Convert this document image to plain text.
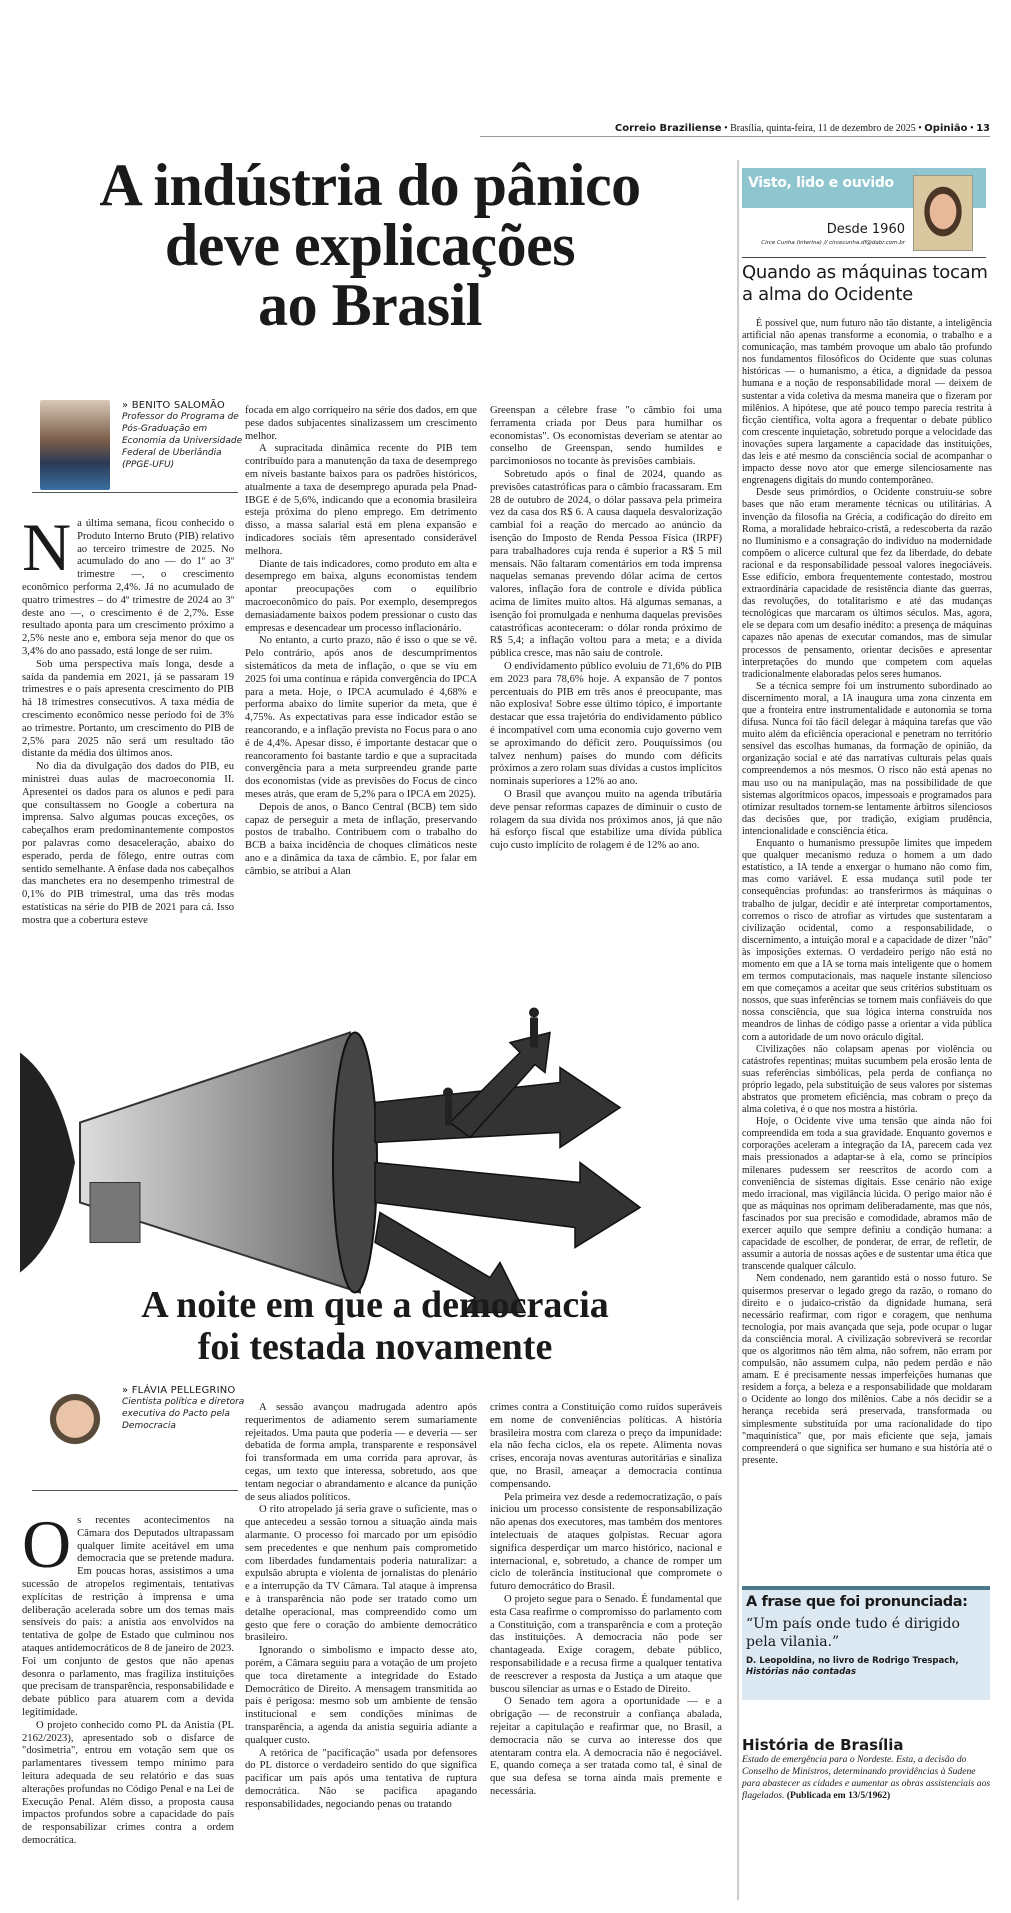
Correio Braziliense • Brasília, quinta-feira, 11 de dezembro de 2025 • Opinião • 13
A indústria do pânico
deve explicações
ao Brasil
» BENITO SALOMÃO
Professor do Programa de Pós-Graduação em Economia da Universidade Federal de Uberlândia (PPGE-UFU)
N a última semana, ficou conhecido o Produto Interno Bruto (PIB) relativo ao terceiro trimestre de 2025. No acumulado do ano — do 1º ao 3º trimestre —, o crescimento econômico performa 2,4%. Já no acumulado de quatro trimestres – do 4º trimestre de 2024 ao 3º deste ano —, o crescimento é de 2,7%. Esse resultado aponta para um crescimento próximo a 2,5% neste ano e, embora seja menor do que os 3,4% do ano passado, está longe de ser ruim.

Sob uma perspectiva mais longa, desde a saída da pandemia em 2021, já se passaram 19 trimestres e o país apresenta crescimento do PIB há 18 trimestres consecutivos. A taxa média de crescimento econômico nesse período foi de 3% ao trimestre. Portanto, um crescimento do PIB de 2,5% para 2025 não será um resultado tão distante da média dos últimos anos.

No dia da divulgação dos dados do PIB, eu ministrei duas aulas de macroeconomia II. Apresentei os dados para os alunos e pedi para que consultassem no Google a cobertura na imprensa. Salvo algumas poucas exceções, os cabeçalhos eram predominantemente compostos por palavras como desaceleração, abaixo do esperado, perda de fôlego, entre outras com sentido semelhante. A ênfase dada nos cabeçalhos das manchetes era no desempenho trimestral de 0,1% do PIB trimestral, uma das três modas estatísticas na série do PIB de 2021 para cá. Isso mostra que a cobertura esteve

focada em algo corriqueiro na série dos dados, em que pese dados subjacentes sinalizassem um crescimento melhor.

A supracitada dinâmica recente do PIB tem contribuído para a manutenção da taxa de desemprego em níveis bastante baixos para os padrões históricos, atualmente a taxa de desemprego apurada pela Pnad-IBGE é de 5,6%, indicando que a economia brasileira esteja próxima do pleno emprego. Em detrimento disso, a massa salarial está em plena expansão e indicadores sociais têm apresentado considerável melhora.

Diante de tais indicadores, como produto em alta e desemprego em baixa, alguns economistas tendem apontar preocupações com o equilíbrio macroeconômico do país. Por exemplo, desempregos demasiadamente baixos podem pressionar o custo das empresas e desencadear um processo inflacionário.

No entanto, a curto prazo, não é isso o que se vê. Pelo contrário, após anos de descumprimentos sistemáticos da meta de inflação, o que se viu em 2025 foi uma contínua e rápida convergência do IPCA para a meta. Hoje, o IPCA acumulado é 4,68% e performa abaixo do limite superior da meta, que é 4,75%. As expectativas para esse indicador estão se reancorando, e a inflação prevista no Focus para o ano é de 4,4%. Apesar disso, é importante destacar que o reancoramento foi bastante tardio e que a supracitada convergência para a meta surpreendeu grande parte dos economistas (vide as previsões do Focus de cinco meses atrás, que eram de 5,2% para o IPCA em 2025).

Depois de anos, o Banco Central (BCB) tem sido capaz de perseguir a meta de inflação, preservando postos de trabalho. Contribuem com o trabalho do BCB a baixa incidência de choques climáticos neste ano e a dinâmica da taxa de câmbio. E, por falar em câmbio, se atribui a Alan

Greenspan a célebre frase "o câmbio foi uma ferramenta criada por Deus para humilhar os economistas". Os economistas deveriam se atentar ao conselho de Greenspan, sendo humildes e parcimoniosos no tocante às previsões cambiais.

Sobretudo após o final de 2024, quando as previsões catastróficas para o câmbio fracassaram. Em 28 de outubro de 2024, o dólar passava pela primeira vez da casa dos R$ 6. A causa daquela desvalorização cambial foi a reação do mercado ao anúncio da isenção do Imposto de Renda Pessoa Física (IRPF) para trabalhadores cuja renda é superior a R$ 5 mil mensais. Não faltaram comentários em toda imprensa naquelas semanas prevendo dólar acima de certos valores, inflação fora de controle e dívida pública acima de limites muito altos. Há algumas semanas, a isenção foi promulgada e nenhuma daquelas previsões catastróficas aconteceram: o dólar ronda próximo de R$ 5,4; a inflação voltou para a meta; e a dívida pública cresce, mas não saiu de controle.

O endividamento público evoluiu de 71,6% do PIB em 2023 para 78,6% hoje. A expansão de 7 pontos percentuais do PIB em três anos é preocupante, mas não explosiva! Sobre esse último tópico, é importante destacar que essa trajetória do endividamento público é incompatível com uma economia cujo governo vem se aproximando do déficit zero. Pouquíssimos (ou talvez nenhum) países do mundo com déficits próximos a zero rolam suas dívidas a custos implícitos nominais superiores a 12% ao ano.

O Brasil que avançou muito na agenda tributária deve pensar reformas capazes de diminuir o custo de rolagem da sua dívida nos próximos anos, já que não há esforço fiscal que estabilize uma dívida pública cujo custo implícito de rolagem é de 12% ao ano.

A noite em que a democracia
foi testada novamente
» FLÁVIA PELLEGRINO
Cientista política e diretora executiva do Pacto pela Democracia
O s recentes acontecimentos na Câmara dos Deputados ultrapassam qualquer limite aceitável em uma democracia que se pretende madura. Em poucas horas, assistimos a uma sucessão de atropelos regimentais, tentativas explícitas de restrição à imprensa e uma deliberação acelerada sobre um dos temas mais sensíveis do país: a anistia aos envolvidos na tentativa de golpe de Estado que culminou nos ataques antidemocráticos de 8 de janeiro de 2023. Foi um conjunto de gestos que não apenas desonra o parlamento, mas fragiliza instituições que precisam de transparência, responsabilidade e debate público para atuarem com a devida legitimidade.

O projeto conhecido como PL da Anistia (PL 2162/2023), apresentado sob o disfarce de "dosimetria", entrou em votação sem que os parlamentares tivessem tempo mínimo para leitura adequada de seu relatório e das suas alterações profundas no Código Penal e na Lei de Execução Penal. Além disso, a proposta causa impactos profundos sobre a capacidade do país de responsabilizar crimes contra a ordem democrática.

A sessão avançou madrugada adentro após requerimentos de adiamento serem sumariamente rejeitados. Uma pauta que poderia — e deveria — ser debatida de forma ampla, transparente e responsável foi transformada em uma corrida para aprovar, às cegas, um texto que interessa, sobretudo, aos que tentam negociar o abrandamento e alcance da punição de seus aliados políticos.

O rito atropelado já seria grave o suficiente, mas o que antecedeu a sessão tornou a situação ainda mais alarmante. O processo foi marcado por um episódio sem precedentes e que nenhum país comprometido com liberdades fundamentais poderia naturalizar: a expulsão abrupta e violenta de jornalistas do plenário e a interrupção da TV Câmara. Tal ataque à imprensa e à transparência não pode ser tratado como um detalhe operacional, mas compreendido como um gesto que fere o coração do ambiente democrático brasileiro.

Ignorando o simbolismo e impacto desse ato, porém, a Câmara seguiu para a votação de um projeto que toca diretamente a integridade do Estado Democrático de Direito. A mensagem transmitida ao país é perigosa: mesmo sob um ambiente de tensão institucional e sem condições mínimas de transparência, a agenda da anistia seguiria adiante a qualquer custo.

A retórica de "pacificação" usada por defensores do PL distorce o verdadeiro sentido do que significa pacificar um país após uma tentativa de ruptura democrática. Não se pacifica apagando responsabilidades, negociando penas ou tratando

crimes contra a Constituição como ruídos superáveis em nome de conveniências políticas. A história brasileira mostra com clareza o preço da impunidade: ela não fecha ciclos, ela os repete. Alimenta novas crises, encoraja novas aventuras autoritárias e sinaliza que, no Brasil, ameaçar a democracia continua compensando.

Pela primeira vez desde a redemocratização, o país iniciou um processo consistente de responsabilização não apenas dos executores, mas também dos mentores intelectuais de ataques golpistas. Recuar agora significa desperdiçar um marco histórico, nacional e internacional, e, sobretudo, a chance de romper um ciclo de tolerância institucional que compromete o futuro democrático do Brasil.

O projeto segue para o Senado. É fundamental que esta Casa reafirme o compromisso do parlamento com a Constituição, com a transparência e com a proteção das instituições. A democracia não pode ser chantageada. Exige coragem, debate público, responsabilidade e a recusa firme a qualquer tentativa de reescrever a resposta da Justiça a um ataque que buscou silenciar as urnas e o Estado de Direito.

O Senado tem agora a oportunidade — e a obrigação — de reconstruir a confiança abalada, rejeitar a capitulação e reafirmar que, no Brasil, a democracia não se curva ao interesse dos que atentaram contra ela. A democracia não é negociável. E, quando começa a ser tratada como tal, é sinal de que sua defesa se torna ainda mais premente e necessária.

Visto, lido e ouvido
Desde 1960
Circe Cunha (interina) // circecunha.df@dabr.com.br
Quando as máquinas tocam a alma do Ocidente

É possível que, num futuro não tão distante, a inteligência artificial não apenas transforme a economia, o trabalho e a comunicação, mas também provoque um abalo tão profundo nos fundamentos filosóficos do Ocidente que suas colunas históricas — o humanismo, a ética, a dignidade da pessoa humana e a noção de responsabilidade moral — deixem de sustentar a vida coletiva da mesma maneira que o fizeram por milênios. A hipótese, que até pouco tempo parecia restrita à ficção científica, volta agora a frequentar o debate público com crescente inquietação, sobretudo porque a velocidade das inovações supera largamente a capacidade das instituições, das leis e até mesmo da consciência social de acompanhar o impacto desse novo ator que emerge silenciosamente nas engrenagens digitais do mundo contemporâneo.

Desde seus primórdios, o Ocidente construiu-se sobre bases que não eram meramente técnicas ou utilitárias. A invenção da filosofia na Grécia, a codificação do direito em Roma, a moralidade hebraico-cristã, a redescoberta da razão no Iluminismo e a consagração do indivíduo na modernidade compõem o alicerce cultural que fez da liberdade, do debate racional e da responsabilidade pessoal valores inegociáveis. Esse edifício, embora frequentemente contestado, mostrou extraordinária capacidade de resistência diante das guerras, das revoluções, do totalitarismo e até das mudanças tecnológicas que marcaram os últimos séculos. Mas, agora, ele se depara com um desafio inédito: a presença de máquinas capazes não apenas de executar comandos, mas de simular processos de pensamento, orientar decisões e apresentar interpretações do mundo que competem com aquelas tradicionalmente elaboradas pelos seres humanos.

Se a técnica sempre foi um instrumento subordinado ao discernimento moral, a IA inaugura uma zona cinzenta em que a fronteira entre instrumentalidade e autonomia se torna difusa. Nunca foi tão fácil delegar à máquina tarefas que vão muito além da eficiência operacional e penetram no território sensível das escolhas humanas, da formação de opinião, da organização social e até das narrativas culturais pelas quais compreendemos a nós mesmos. O risco não está apenas no mau uso ou na manipulação, mas na possibilidade de que sistemas algorítmicos opacos, impessoais e programados para otimizar resultados tornem-se lentamente árbitros silenciosos das decisões que, por tradição, exigiam prudência, intencionalidade e consciência ética.

Enquanto o humanismo pressupõe limites que impedem que qualquer mecanismo reduza o homem a um dado estatístico, a IA tende a enxergar o humano não como fim, mas como variável. E essa mudança sutil pode ter consequências profundas: ao transferirmos às máquinas o trabalho de julgar, decidir e até interpretar comportamentos, corremos o risco de atrofiar as virtudes que sustentaram a civilização ocidental, como a responsabilidade, o discernimento, a intuição moral e a capacidade de dizer "não" às imposições externas. O verdadeiro perigo não está no momento em que a IA se torna mais inteligente que o homem em termos computacionais, mas naquele instante silencioso em que começamos a aceitar que seus critérios substituam os nossos, que suas inferências se tornem mais confiáveis do que nossa consciência, que sua lógica interna construída nos meandros de linhas de código passe a orientar a vida pública com a autoridade de um novo oráculo digital.

Civilizações não colapsam apenas por violência ou catástrofes repentinas; muitas sucumbem pela erosão lenta de suas referências simbólicas, pela perda de confiança no próprio legado, pela substituição de seus valores por sistemas abstratos que prometem eficiência, mas cobram o preço da alma coletiva, é o que nos mostra a história.

Hoje, o Ocidente vive uma tensão que ainda não foi compreendida em toda a sua gravidade. Enquanto governos e corporações aceleram a integração da IA, parecem cada vez mais pressionados a adaptar-se à ela, como se princípios milenares pudessem ser reescritos de acordo com a conveniência de sistemas digitais. Esse cenário não exige medo irracional, mas vigilância lúcida. O perigo maior não é que as máquinas nos oprimam deliberadamente, mas que nós, fascinados por sua precisão e comodidade, abramos mão de exercer aquilo que sempre definiu a condição humana: a capacidade de escolher, de ponderar, de errar, de refletir, de assumir a autoria de nossas ações e de sustentar uma ética que transcende qualquer cálculo.

Nem condenado, nem garantido está o nosso futuro. Se quisermos preservar o legado grego da razão, o romano do direito e o judaico-cristão da dignidade humana, será necessário reafirmar, com rigor e coragem, que nenhuma tecnologia, por mais avançada que seja, pode ocupar o lugar da consciência moral. A civilização sobreviverá se recordar que os algoritmos não têm alma, não sofrem, não erram por compulsão, não assumem culpa, não pedem perdão e não amam. E é precisamente nessas imperfeições humanas que residem a força, a beleza e a responsabilidade que moldaram o Ocidente ao longo dos milênios. Cabe a nós decidir se a herança recebida será preservada, transformada ou simplesmente substituída por uma racionalidade do tipo "maquinística" que, por mais eficiente que seja, jamais compreenderá o que significa ser humano e sua história até o presente.

A frase que foi pronunciada:
“Um país onde tudo é dirigido pela vilania.”
D. Leopoldina, no livro de Rodrigo Trespach, Histórias não contadas
História de Brasília
Estado de emergência para o Nordeste. Esta, a decisão do Conselho de Ministros, determinando providências à Sudene para abastecer as cidades e aumentar as obras assistenciais aos flagelados. (Publicada em 13/5/1962)
